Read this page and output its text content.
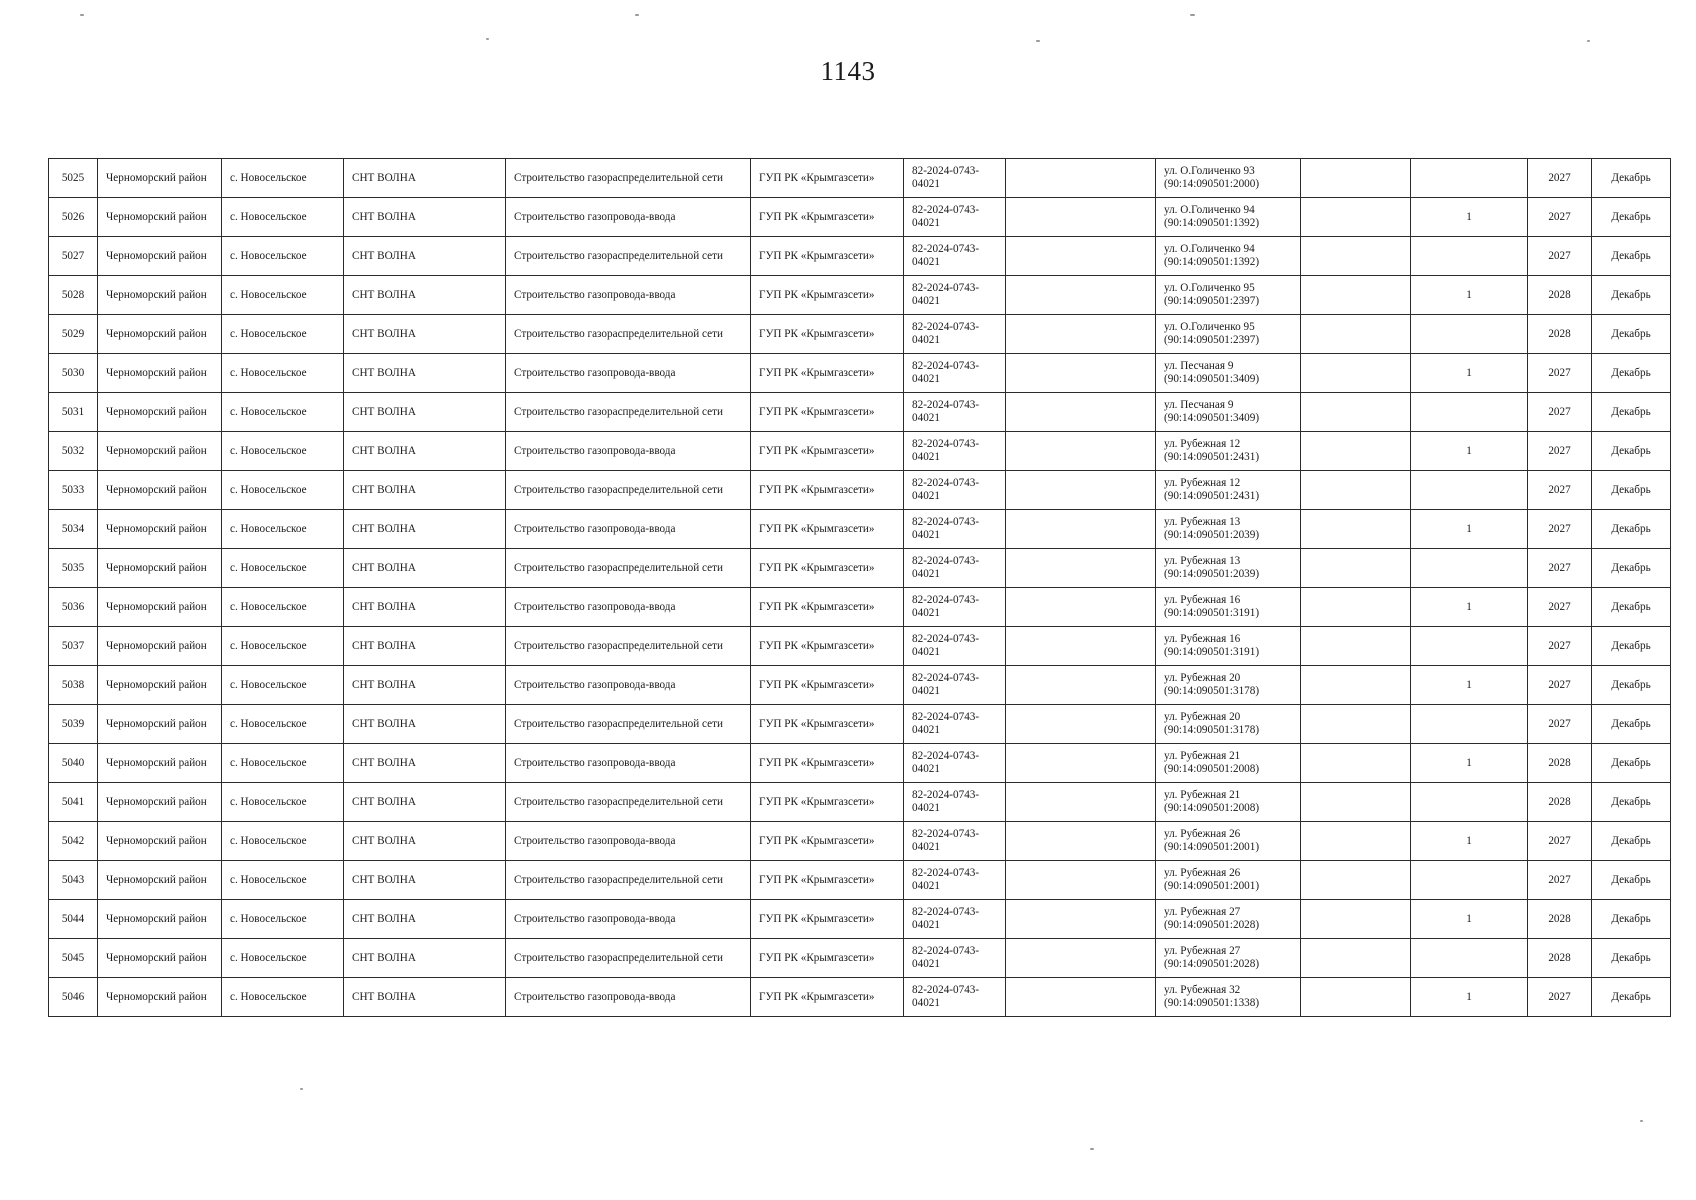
1143
5025	Черноморский район	с. Новосельское	СНТ ВОЛНА	Строительство газораспределительной сети	ГУП РК «Крымгазсети»	82-2024-0743-04021		ул. О.Голиченко 93 (90:14:090501:2000)			2027	Декабрь
5026	Черноморский район	с. Новосельское	СНТ ВОЛНА	Строительство газопровода-ввода	ГУП РК «Крымгазсети»	82-2024-0743-04021		ул. О.Голиченко 94 (90:14:090501:1392)		1	2027	Декабрь
5027	Черноморский район	с. Новосельское	СНТ ВОЛНА	Строительство газораспределительной сети	ГУП РК «Крымгазсети»	82-2024-0743-04021		ул. О.Голиченко 94 (90:14:090501:1392)			2027	Декабрь
5028	Черноморский район	с. Новосельское	СНТ ВОЛНА	Строительство газопровода-ввода	ГУП РК «Крымгазсети»	82-2024-0743-04021		ул. О.Голиченко 95 (90:14:090501:2397)		1	2028	Декабрь
5029	Черноморский район	с. Новосельское	СНТ ВОЛНА	Строительство газораспределительной сети	ГУП РК «Крымгазсети»	82-2024-0743-04021		ул. О.Голиченко 95 (90:14:090501:2397)			2028	Декабрь
5030	Черноморский район	с. Новосельское	СНТ ВОЛНА	Строительство газопровода-ввода	ГУП РК «Крымгазсети»	82-2024-0743-04021		ул. Песчаная 9 (90:14:090501:3409)		1	2027	Декабрь
5031	Черноморский район	с. Новосельское	СНТ ВОЛНА	Строительство газораспределительной сети	ГУП РК «Крымгазсети»	82-2024-0743-04021		ул. Песчаная 9 (90:14:090501:3409)			2027	Декабрь
5032	Черноморский район	с. Новосельское	СНТ ВОЛНА	Строительство газопровода-ввода	ГУП РК «Крымгазсети»	82-2024-0743-04021		ул. Рубежная 12 (90:14:090501:2431)		1	2027	Декабрь
5033	Черноморский район	с. Новосельское	СНТ ВОЛНА	Строительство газораспределительной сети	ГУП РК «Крымгазсети»	82-2024-0743-04021		ул. Рубежная 12 (90:14:090501:2431)			2027	Декабрь
5034	Черноморский район	с. Новосельское	СНТ ВОЛНА	Строительство газопровода-ввода	ГУП РК «Крымгазсети»	82-2024-0743-04021		ул. Рубежная 13 (90:14:090501:2039)		1	2027	Декабрь
5035	Черноморский район	с. Новосельское	СНТ ВОЛНА	Строительство газораспределительной сети	ГУП РК «Крымгазсети»	82-2024-0743-04021		ул. Рубежная 13 (90:14:090501:2039)			2027	Декабрь
5036	Черноморский район	с. Новосельское	СНТ ВОЛНА	Строительство газопровода-ввода	ГУП РК «Крымгазсети»	82-2024-0743-04021		ул. Рубежная 16 (90:14:090501:3191)		1	2027	Декабрь
5037	Черноморский район	с. Новосельское	СНТ ВОЛНА	Строительство газораспределительной сети	ГУП РК «Крымгазсети»	82-2024-0743-04021		ул. Рубежная 16 (90:14:090501:3191)			2027	Декабрь
5038	Черноморский район	с. Новосельское	СНТ ВОЛНА	Строительство газопровода-ввода	ГУП РК «Крымгазсети»	82-2024-0743-04021		ул. Рубежная 20 (90:14:090501:3178)		1	2027	Декабрь
5039	Черноморский район	с. Новосельское	СНТ ВОЛНА	Строительство газораспределительной сети	ГУП РК «Крымгазсети»	82-2024-0743-04021		ул. Рубежная 20 (90:14:090501:3178)			2027	Декабрь
5040	Черноморский район	с. Новосельское	СНТ ВОЛНА	Строительство газопровода-ввода	ГУП РК «Крымгазсети»	82-2024-0743-04021		ул. Рубежная 21 (90:14:090501:2008)		1	2028	Декабрь
5041	Черноморский район	с. Новосельское	СНТ ВОЛНА	Строительство газораспределительной сети	ГУП РК «Крымгазсети»	82-2024-0743-04021		ул. Рубежная 21 (90:14:090501:2008)			2028	Декабрь
5042	Черноморский район	с. Новосельское	СНТ ВОЛНА	Строительство газопровода-ввода	ГУП РК «Крымгазсети»	82-2024-0743-04021		ул. Рубежная 26 (90:14:090501:2001)		1	2027	Декабрь
5043	Черноморский район	с. Новосельское	СНТ ВОЛНА	Строительство газораспределительной сети	ГУП РК «Крымгазсети»	82-2024-0743-04021		ул. Рубежная 26 (90:14:090501:2001)			2027	Декабрь
5044	Черноморский район	с. Новосельское	СНТ ВОЛНА	Строительство газопровода-ввода	ГУП РК «Крымгазсети»	82-2024-0743-04021		ул. Рубежная 27 (90:14:090501:2028)		1	2028	Декабрь
5045	Черноморский район	с. Новосельское	СНТ ВОЛНА	Строительство газораспределительной сети	ГУП РК «Крымгазсети»	82-2024-0743-04021		ул. Рубежная 27 (90:14:090501:2028)			2028	Декабрь
5046	Черноморский район	с. Новосельское	СНТ ВОЛНА	Строительство газопровода-ввода	ГУП РК «Крымгазсети»	82-2024-0743-04021		ул. Рубежная 32 (90:14:090501:1338)		1	2027	Декабрь
